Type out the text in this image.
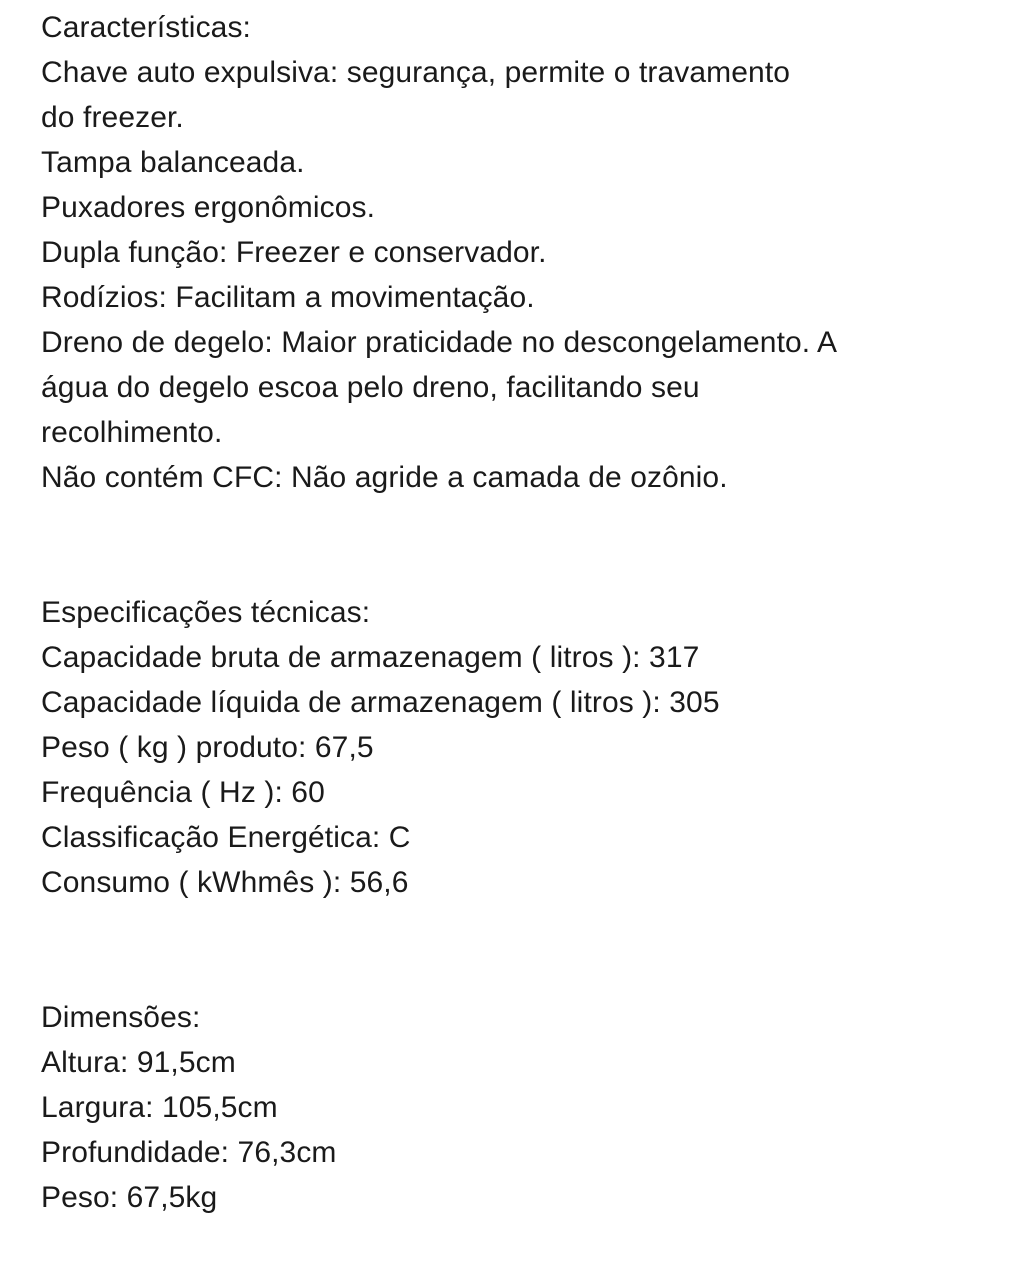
Características:
Chave auto expulsiva: segurança, permite o travamento
do freezer.
Tampa balanceada.
Puxadores ergonômicos.
Dupla função: Freezer e conservador.
Rodízios: Facilitam a movimentação.
Dreno de degelo: Maior praticidade no descongelamento. A
água do degelo escoa pelo dreno, facilitando seu
recolhimento.
Não contém CFC: Não agride a camada de ozônio.
Especificações técnicas:
Capacidade bruta de armazenagem ( litros ): 317
Capacidade líquida de armazenagem ( litros ): 305
Peso ( kg ) produto: 67,5
Frequência ( Hz ): 60
Classificação Energética: C
Consumo ( kWhmês ): 56,6
Dimensões:
Altura: 91,5cm
Largura: 105,5cm
Profundidade: 76,3cm
Peso: 67,5kg
